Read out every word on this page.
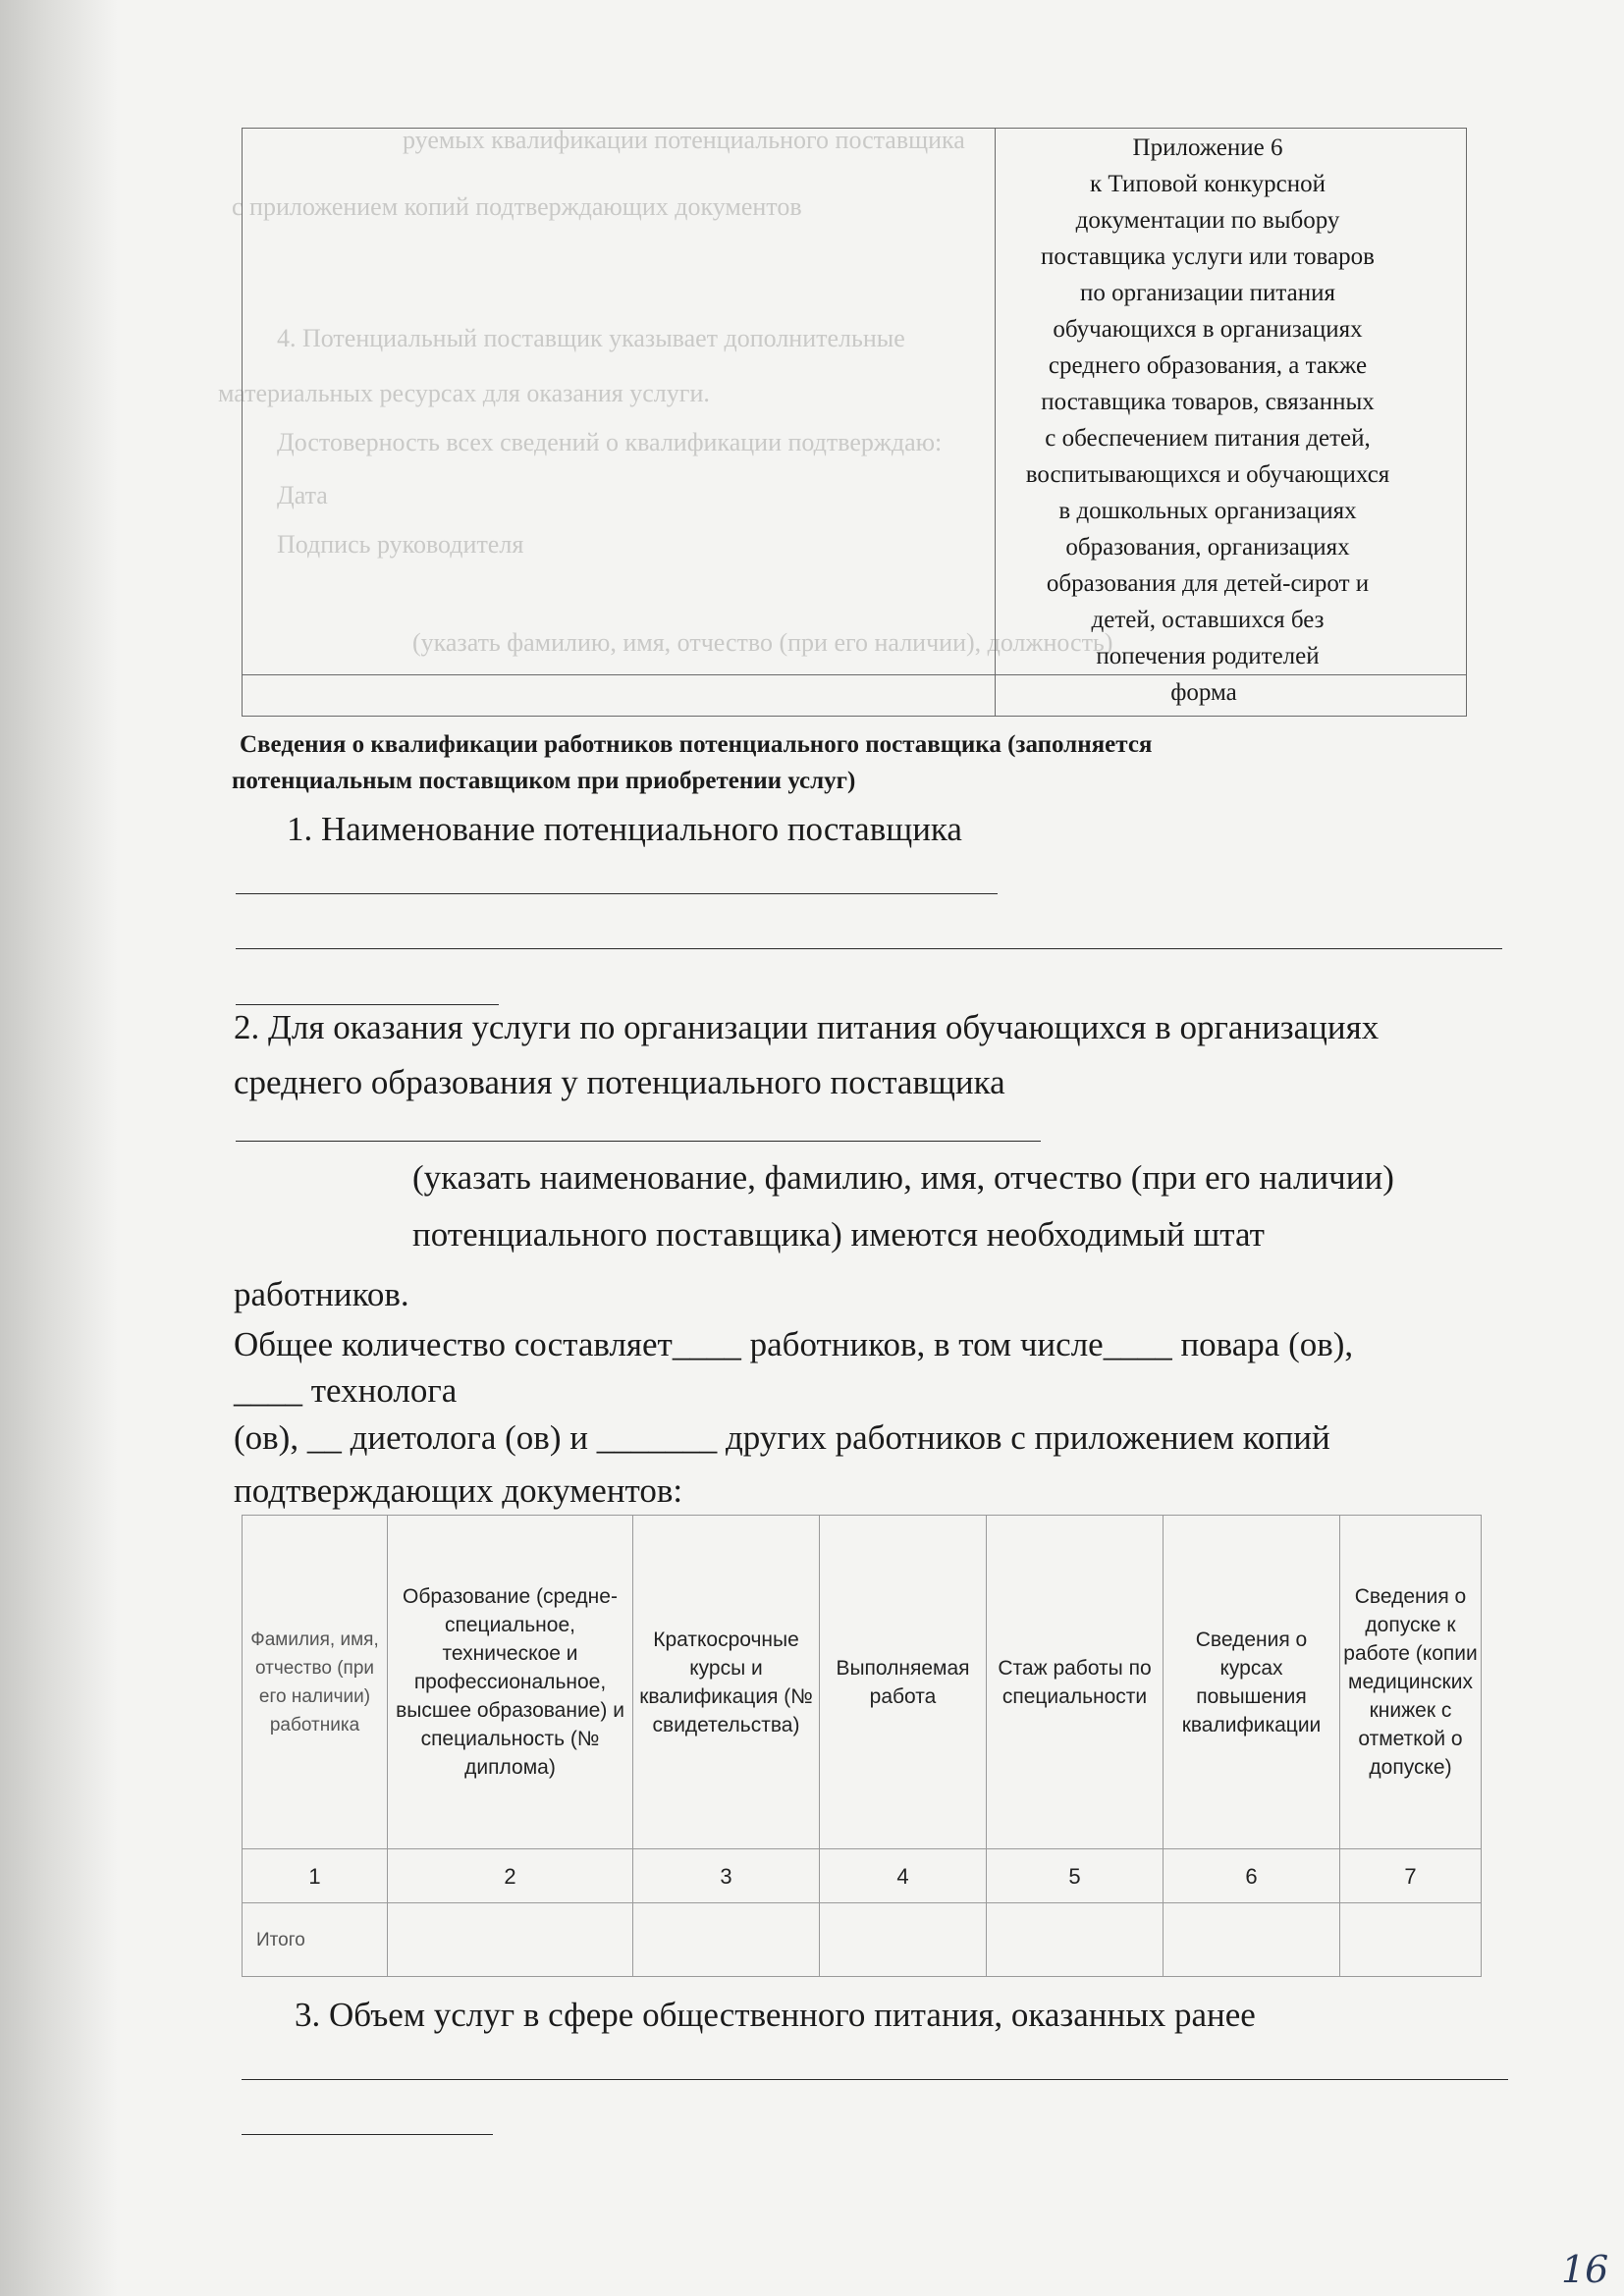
руемых квалификации потенциального поставщика
с приложением копий подтверждающих документов
4. Потенциальный поставщик указывает дополнительные
материальных ресурсах для оказания услуги.
Достоверность всех сведений о квалификации подтверждаю:
Дата
Подпись руководителя
(указать фамилию, имя, отчество (при его наличии), должность)
Приложение 6
к Типовой конкурсной
документации по выбору
поставщика услуги или товаров
по организации питания
обучающихся в организациях
среднего образования, а также
поставщика товаров, связанных
с обеспечением питания детей,
воспитывающихся и обучающихся
в дошкольных организациях
образования, организациях
образования для детей-сирот и
детей, оставшихся без
попечения родителей
форма
Сведения о квалификации работников потенциального поставщика (заполняется
потенциальным поставщиком при приобретении услуг)
1. Наименование потенциального поставщика
2. Для оказания услуги по организации питания обучающихся в организациях
среднего образования у потенциального поставщика
(указать наименование, фамилию, имя, отчество (при его наличии)
потенциального поставщика) имеются необходимый штат
работников.
Общее количество составляет____ работников, в том числе____ повара (ов),
____ технолога
(ов), __ диетолога (ов) и _______ других работников с приложением копий
подтверждающих документов:
Фамилия, имя, отчество (при его наличии) работника	Образование (средне-специальное, техническое и профессиональное, высшее образование) и специальность (№ диплома)	Краткосрочные курсы и квалификация (№ свидетельства)	Выполняемая работа	Стаж работы по специальности	Сведения о курсах повышения квалификации	Сведения о допуске к работе (копии медицинских книжек с отметкой о допуске)
1	2	3	4	5	6	7
Итого						
3. Объем услуг в сфере общественного питания, оказанных ранее
16
